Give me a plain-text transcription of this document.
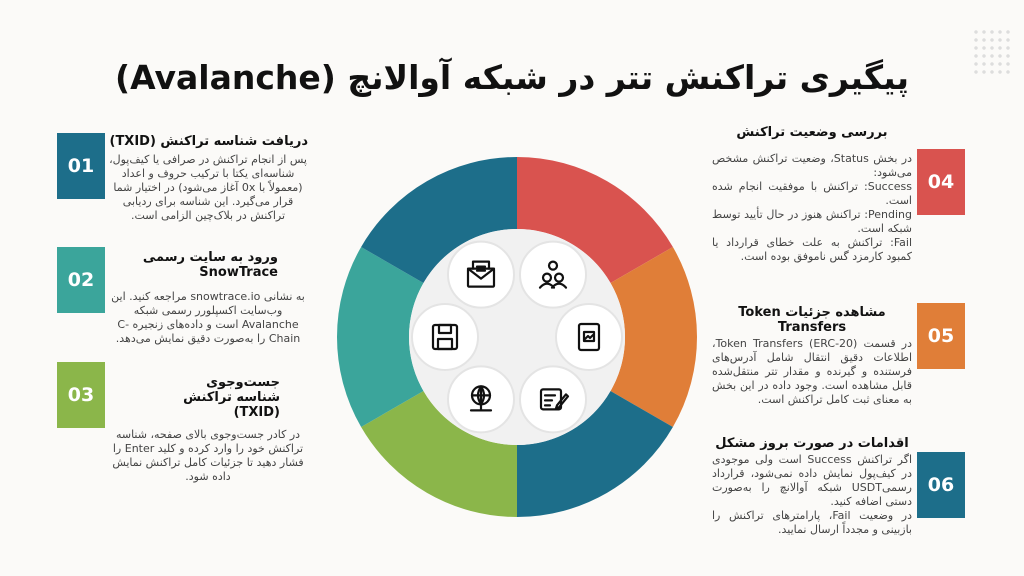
پیگیری تراکنش تتر در شبکه آوالانچ (Avalanche)
01
دریافت شناسه تراکنش (TXID)

پس از انجام تراکنش در صرافی یا کیف‌پول، شناسه‌ای یکتا با ترکیب حروف و اعداد (معمولاً با 0x آغاز می‌شود) در اختیار شما قرار می‌گیرد. این شناسه برای ردیابی تراکنش در بلاک‌چین الزامی است.

02
ورود به سایت رسمی SnowTrace

به نشانی snowtrace.io مراجعه کنید. این وب‌سایت اکسپلورر رسمی شبکه Avalanche است و داده‌های زنجیره C-Chain را به‌صورت دقیق نمایش می‌دهد.

03
جست‌وجوی شناسه تراکنش (TXID)

در کادر جست‌وجوی بالای صفحه، شناسه تراکنش خود را وارد کرده و کلید Enter را فشار دهید تا جزئیات کامل تراکنش نمایش داده شود.

04
بررسی وضعیت تراکنش

در بخش Status، وضعیت تراکنش مشخص می‌شود:
Success: تراکنش با موفقیت انجام شده است.
Pending: تراکنش هنوز در حال تأیید توسط شبکه است.
Fail: تراکنش به علت خطای قرارداد یا کمبود کارمزد گس ناموفق بوده است.

05
مشاهده جزئیات Token Transfers

در قسمت Token Transfers (ERC-20)، اطلاعات دقیق انتقال شامل آدرس‌های فرستنده و گیرنده و مقدار تتر منتقل‌شده قابل مشاهده است. وجود داده در این بخش به معنای ثبت کامل تراکنش است.

06
اقدامات در صورت بروز مشکل

اگر تراکنش Success است ولی موجودی در کیف‌پول نمایش داده نمی‌شود، قرارداد رسمیUSDT شبکه آوالانچ را به‌صورت دستی اضافه کنید.
در وضعیت Fail، پارامترهای تراکنش را بازبینی و مجدداً ارسال نمایید.
